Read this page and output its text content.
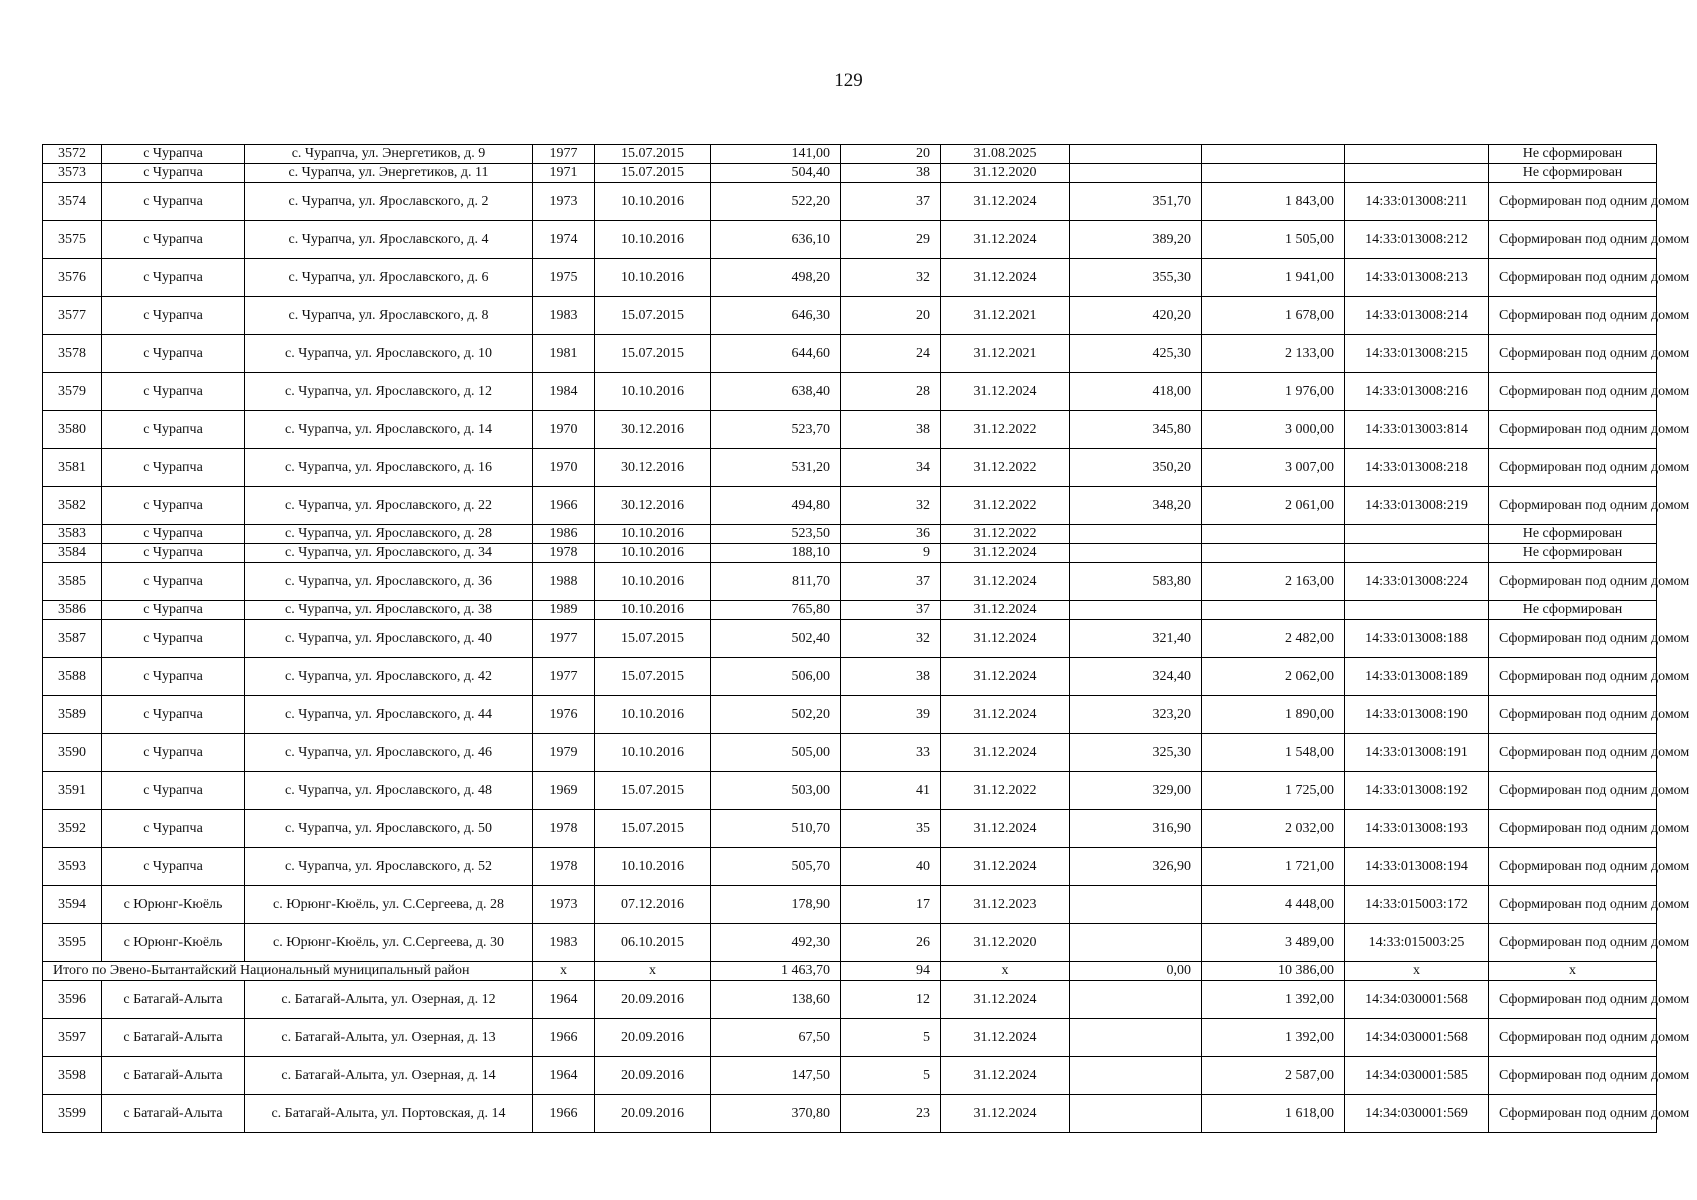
129
3572	с Чурапча	с. Чурапча, ул. Энергетиков, д. 9	1977	15.07.2015	141,00	20	31.08.2025				Не сформирован
3573	с Чурапча	с. Чурапча, ул. Энергетиков, д. 11	1971	15.07.2015	504,40	38	31.12.2020				Не сформирован
3574	с Чурапча	с. Чурапча, ул. Ярославского, д. 2	1973	10.10.2016	522,20	37	31.12.2024	351,70	1 843,00	14:33:013008:211	Сформирован под одним домом
3575	с Чурапча	с. Чурапча, ул. Ярославского, д. 4	1974	10.10.2016	636,10	29	31.12.2024	389,20	1 505,00	14:33:013008:212	Сформирован под одним домом
3576	с Чурапча	с. Чурапча, ул. Ярославского, д. 6	1975	10.10.2016	498,20	32	31.12.2024	355,30	1 941,00	14:33:013008:213	Сформирован под одним домом
3577	с Чурапча	с. Чурапча, ул. Ярославского, д. 8	1983	15.07.2015	646,30	20	31.12.2021	420,20	1 678,00	14:33:013008:214	Сформирован под одним домом
3578	с Чурапча	с. Чурапча, ул. Ярославского, д. 10	1981	15.07.2015	644,60	24	31.12.2021	425,30	2 133,00	14:33:013008:215	Сформирован под одним домом
3579	с Чурапча	с. Чурапча, ул. Ярославского, д. 12	1984	10.10.2016	638,40	28	31.12.2024	418,00	1 976,00	14:33:013008:216	Сформирован под одним домом
3580	с Чурапча	с. Чурапча, ул. Ярославского, д. 14	1970	30.12.2016	523,70	38	31.12.2022	345,80	3 000,00	14:33:013003:814	Сформирован под одним домом
3581	с Чурапча	с. Чурапча, ул. Ярославского, д. 16	1970	30.12.2016	531,20	34	31.12.2022	350,20	3 007,00	14:33:013008:218	Сформирован под одним домом
3582	с Чурапча	с. Чурапча, ул. Ярославского, д. 22	1966	30.12.2016	494,80	32	31.12.2022	348,20	2 061,00	14:33:013008:219	Сформирован под одним домом
3583	с Чурапча	с. Чурапча, ул. Ярославского, д. 28	1986	10.10.2016	523,50	36	31.12.2022				Не сформирован
3584	с Чурапча	с. Чурапча, ул. Ярославского, д. 34	1978	10.10.2016	188,10	9	31.12.2024				Не сформирован
3585	с Чурапча	с. Чурапча, ул. Ярославского, д. 36	1988	10.10.2016	811,70	37	31.12.2024	583,80	2 163,00	14:33:013008:224	Сформирован под одним домом
3586	с Чурапча	с. Чурапча, ул. Ярославского, д. 38	1989	10.10.2016	765,80	37	31.12.2024				Не сформирован
3587	с Чурапча	с. Чурапча, ул. Ярославского, д. 40	1977	15.07.2015	502,40	32	31.12.2024	321,40	2 482,00	14:33:013008:188	Сформирован под одним домом
3588	с Чурапча	с. Чурапча, ул. Ярославского, д. 42	1977	15.07.2015	506,00	38	31.12.2024	324,40	2 062,00	14:33:013008:189	Сформирован под одним домом
3589	с Чурапча	с. Чурапча, ул. Ярославского, д. 44	1976	10.10.2016	502,20	39	31.12.2024	323,20	1 890,00	14:33:013008:190	Сформирован под одним домом
3590	с Чурапча	с. Чурапча, ул. Ярославского, д. 46	1979	10.10.2016	505,00	33	31.12.2024	325,30	1 548,00	14:33:013008:191	Сформирован под одним домом
3591	с Чурапча	с. Чурапча, ул. Ярославского, д. 48	1969	15.07.2015	503,00	41	31.12.2022	329,00	1 725,00	14:33:013008:192	Сформирован под одним домом
3592	с Чурапча	с. Чурапча, ул. Ярославского, д. 50	1978	15.07.2015	510,70	35	31.12.2024	316,90	2 032,00	14:33:013008:193	Сформирован под одним домом
3593	с Чурапча	с. Чурапча, ул. Ярославского, д. 52	1978	10.10.2016	505,70	40	31.12.2024	326,90	1 721,00	14:33:013008:194	Сформирован под одним домом
3594	с Юрюнг-Кюёль	с. Юрюнг-Кюёль, ул. С.Сергеева, д. 28	1973	07.12.2016	178,90	17	31.12.2023		4 448,00	14:33:015003:172	Сформирован под одним домом
3595	с Юрюнг-Кюёль	с. Юрюнг-Кюёль, ул. С.Сергеева, д. 30	1983	06.10.2015	492,30	26	31.12.2020		3 489,00	14:33:015003:25	Сформирован под одним домом
Итого по Эвено-Бытантайский Национальный муниципальный район			x	x	1 463,70	94	x	0,00	10 386,00	x	x
3596	с Батагай-Алыта	с. Батагай-Алыта, ул. Озерная, д. 12	1964	20.09.2016	138,60	12	31.12.2024		1 392,00	14:34:030001:568	Сформирован под одним домом
3597	с Батагай-Алыта	с. Батагай-Алыта, ул. Озерная, д. 13	1966	20.09.2016	67,50	5	31.12.2024		1 392,00	14:34:030001:568	Сформирован под одним домом
3598	с Батагай-Алыта	с. Батагай-Алыта, ул. Озерная, д. 14	1964	20.09.2016	147,50	5	31.12.2024		2 587,00	14:34:030001:585	Сформирован под одним домом
3599	с Батагай-Алыта	с. Батагай-Алыта, ул. Портовская, д. 14	1966	20.09.2016	370,80	23	31.12.2024		1 618,00	14:34:030001:569	Сформирован под одним домом
